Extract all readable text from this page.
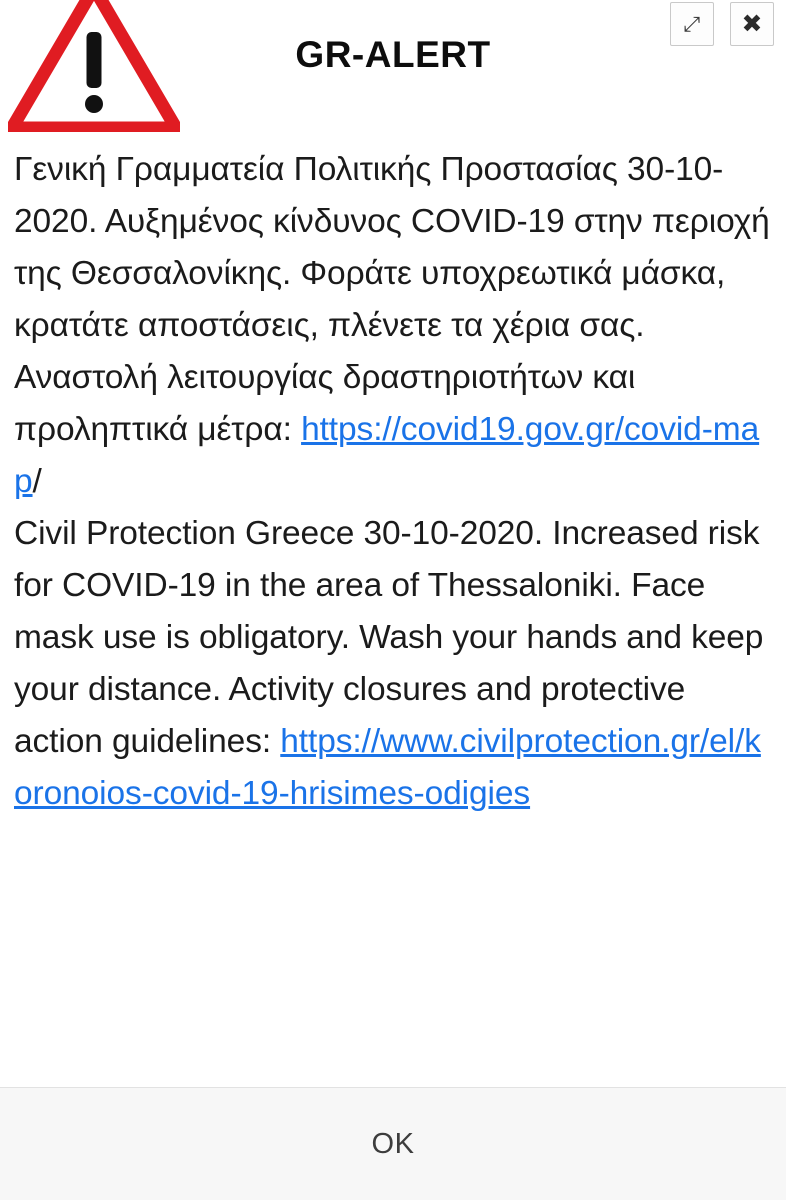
GR-ALERT
⤢	✖
Γενική Γραμματεία Πολιτικής Προστασίας 30-10-2020. Αυξημένος κίνδυνος COVID-19 στην περιοχή της Θεσσαλονίκης. Φοράτε υποχρεωτικά μάσκα, κρατάτε αποστάσεις, πλένετε τα χέρια σας. Αναστολή λειτουργίας δραστηριοτήτων και προληπτικά μέτρα: https://covid19.gov.gr/covid-map/
Civil Protection Greece 30-10-2020. Increased risk for COVID-19 in the area of Thessaloniki. Face mask use is obligatory. Wash your hands and keep your distance. Activity closures and protective action guidelines: https://www.civilprotection.gr/el/koronoios-covid-19-hrisimes-odigies
OK
